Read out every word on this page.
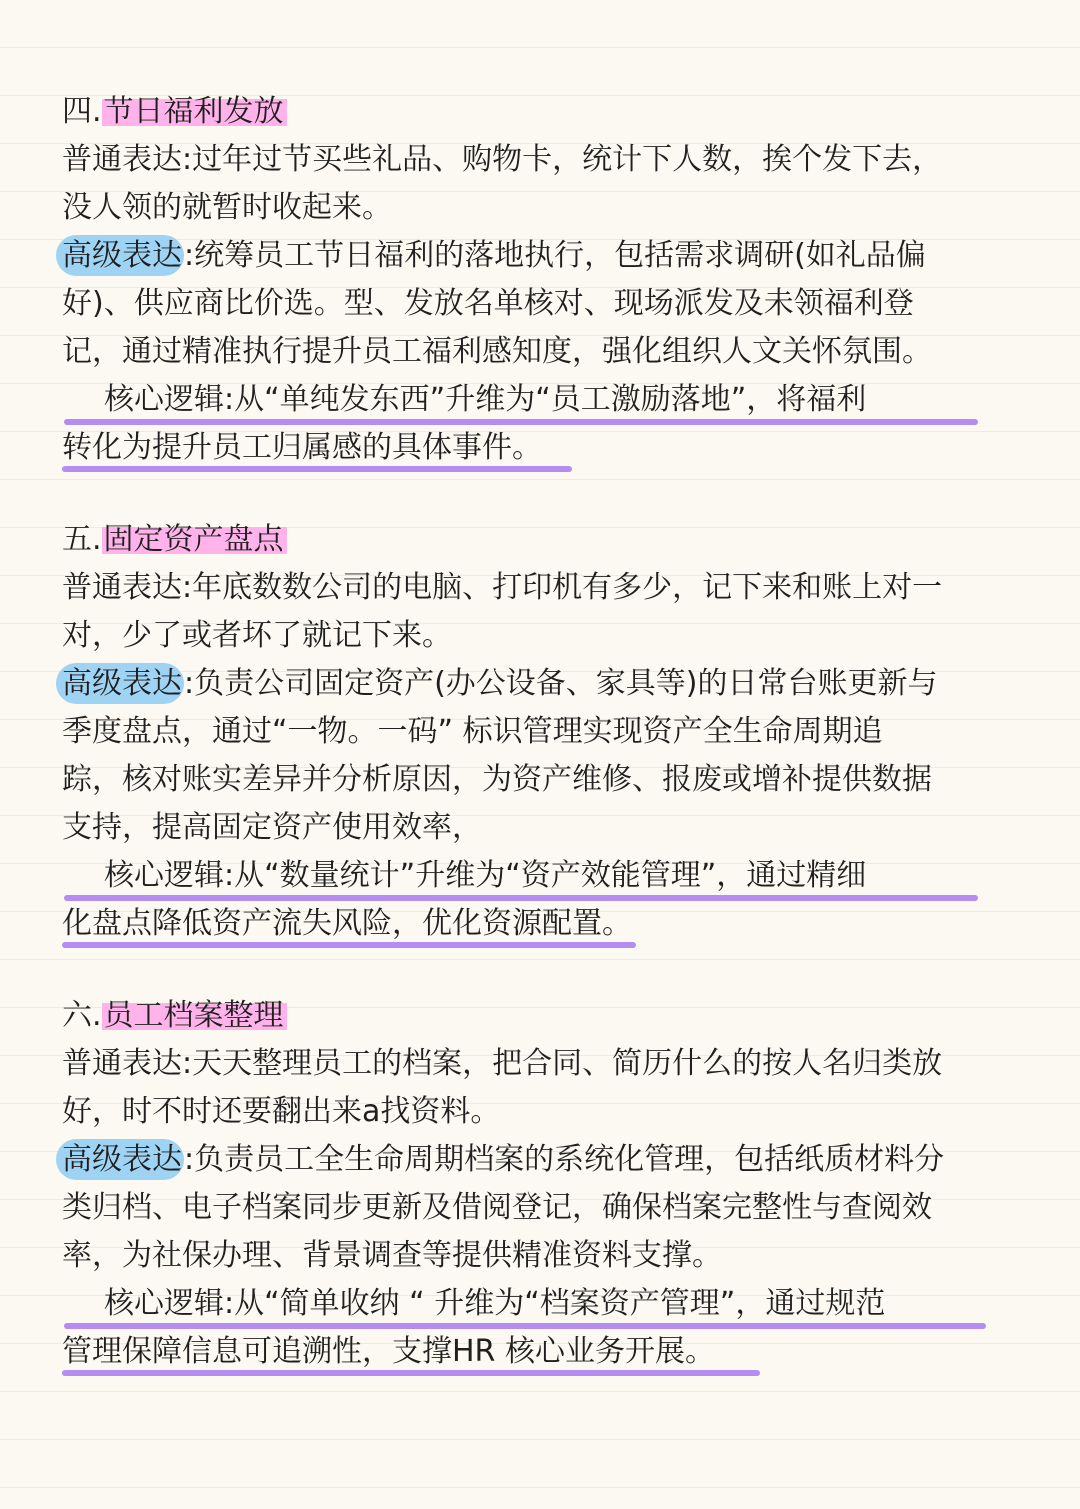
四.节日福利发放
普通表达:过年过节买些礼品、购物卡，统计下人数，挨个发下去，
没人领的就暂时收起来。
高级表达:统筹员工节日福利的落地执行，包括需求调研(如礼品偏
好)、供应商比价选。型、发放名单核对、现场派发及未领福利登
记，通过精准执行提升员工福利感知度，强化组织人文关怀氛围。
核心逻辑:从“单纯发东西”升维为“员工激励落地”，将福利
转化为提升员工归属感的具体事件。
五.固定资产盘点
普通表达:年底数数公司的电脑、打印机有多少，记下来和账上对一
对，少了或者坏了就记下来。
高级表达:负责公司固定资产(办公设备、家具等)的日常台账更新与
季度盘点，通过“一物。一码” 标识管理实现资产全生命周期追
踪，核对账实差异并分析原因，为资产维修、报废或增补提供数据
支持，提高固定资产使用效率，
核心逻辑:从“数量统计”升维为“资产效能管理”，通过精细
化盘点降低资产流失风险，优化资源配置。
六.员工档案整理
普通表达:天天整理员工的档案，把合同、简历什么的按人名归类放
好，时不时还要翻出来a找资料。
高级表达:负责员工全生命周期档案的系统化管理，包括纸质材料分
类归档、电子档案同步更新及借阅登记，确保档案完整性与查阅效
率，为社保办理、背景调查等提供精准资料支撑。
核心逻辑:从“简单收纳 “ 升维为“档案资产管理”，通过规范
管理保障信息可追溯性，支撑HR 核心业务开展。
